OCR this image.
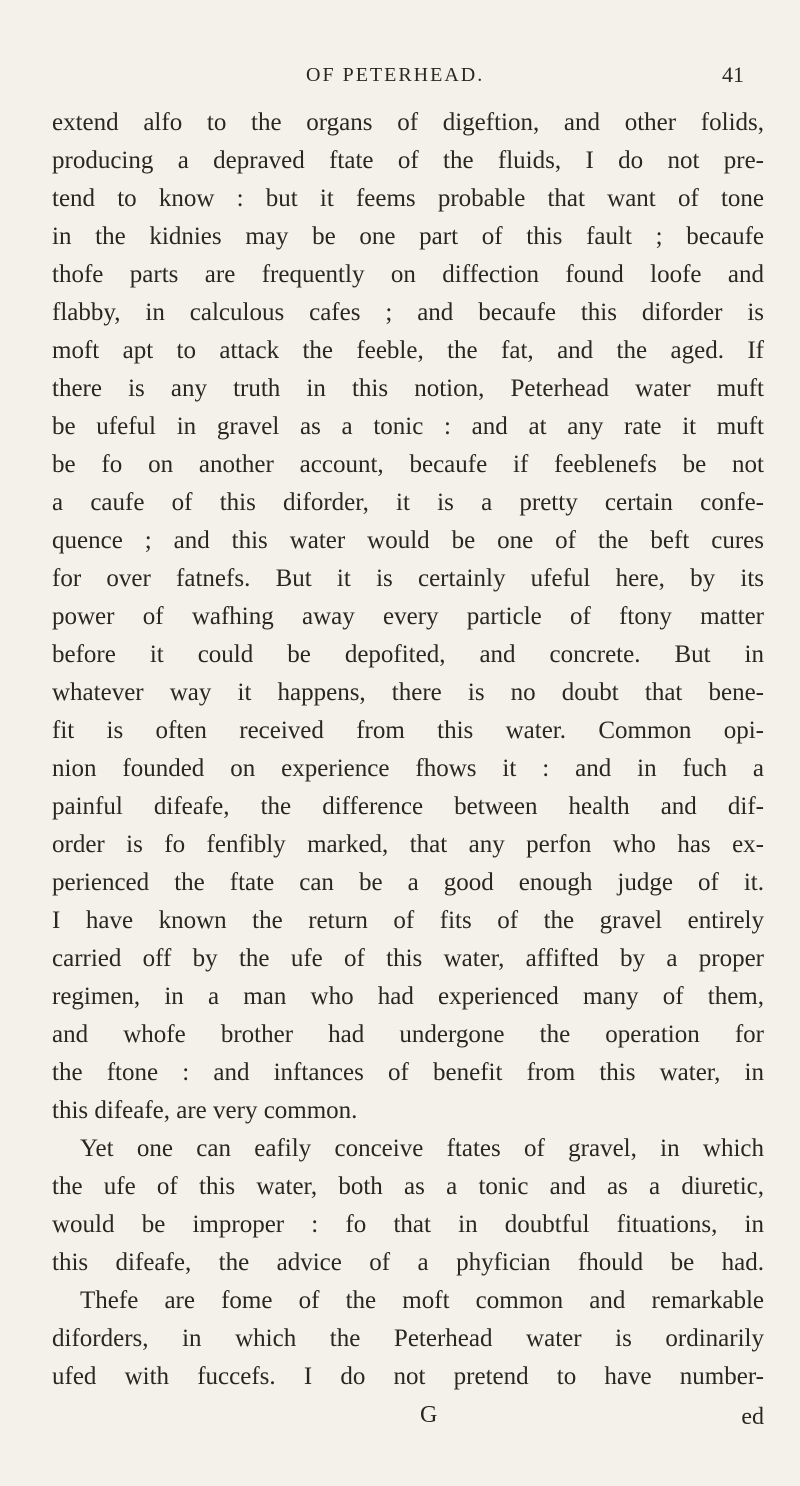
OF PETERHEAD.	41
extend alfo to the organs of digeftion, and other folids,
producing a depraved ftate of the fluids, I do not pre-
tend to know : but it feems probable that want of tone
in the kidnies may be one part of this fault ; becaufe
thofe parts are frequently on diffection found loofe and
flabby, in calculous cafes ; and becaufe this diforder is
moft apt to attack the feeble, the fat, and the aged. If
there is any truth in this notion, Peterhead water muft
be ufeful in gravel as a tonic : and at any rate it muft
be fo on another account, becaufe if feeblenefs be not
a caufe of this diforder, it is a pretty certain confe-
quence ; and this water would be one of the beft cures
for over fatnefs. But it is certainly ufeful here, by its
power of wafhing away every particle of ftony matter
before it could be depofited, and concrete. But in
whatever way it happens, there is no doubt that bene-
fit is often received from this water. Common opi-
nion founded on experience fhows it : and in fuch a
painful difeafe, the difference between health and dif-
order is fo fenfibly marked, that any perfon who has ex-
perienced the ftate can be a good enough judge of it.
I have known the return of fits of the gravel entirely
carried off by the ufe of this water, affifted by a proper
regimen, in a man who had experienced many of them,
and whofe brother had undergone the operation for
the ftone : and inftances of benefit from this water, in
this difeafe, are very common.
Yet one can eafily conceive ftates of gravel, in which
the ufe of this water, both as a tonic and as a diuretic,
would be improper : fo that in doubtful fituations, in
this difeafe, the advice of a phyfician fhould be had.
Thefe are fome of the moft common and remarkable
diforders, in which the Peterhead water is ordinarily
ufed with fuccefs. I do not pretend to have number-
G	ed
